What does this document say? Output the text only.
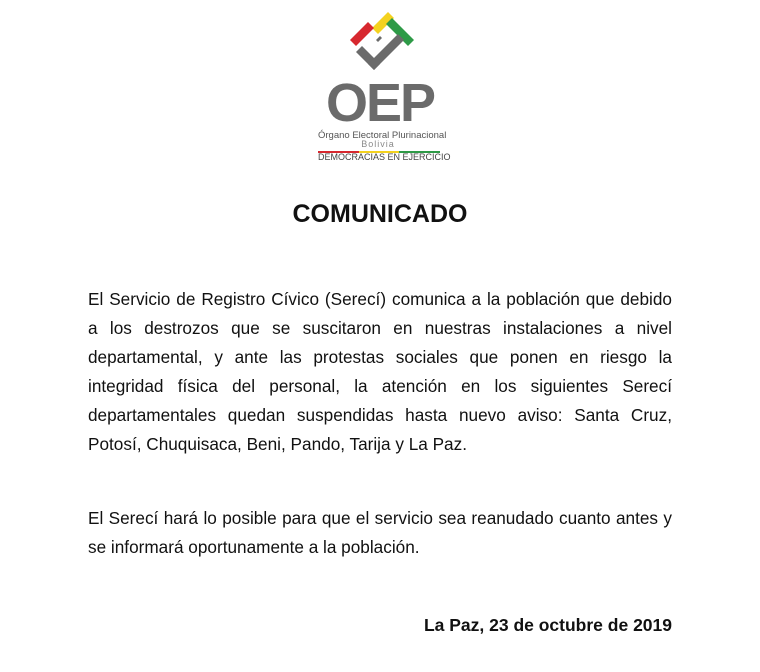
OEP
Órgano Electoral Plurinacional
Bolivia
DEMOCRACIAS EN EJERCICIO
COMUNICADO

El Servicio de Registro Cívico (Serecí) comunica a la población que debido a los destrozos que se suscitaron en nuestras instalaciones a nivel departamental, y ante las protestas sociales que ponen en riesgo la integridad física del personal, la atención en los siguientes Serecí departamentales quedan suspendidas hasta nuevo aviso: Santa Cruz, Potosí, Chuquisaca, Beni, Pando, Tarija y La Paz.

El Serecí hará lo posible para que el servicio sea reanudado cuanto antes y se informará oportunamente a la población.

La Paz, 23 de octubre de 2019
